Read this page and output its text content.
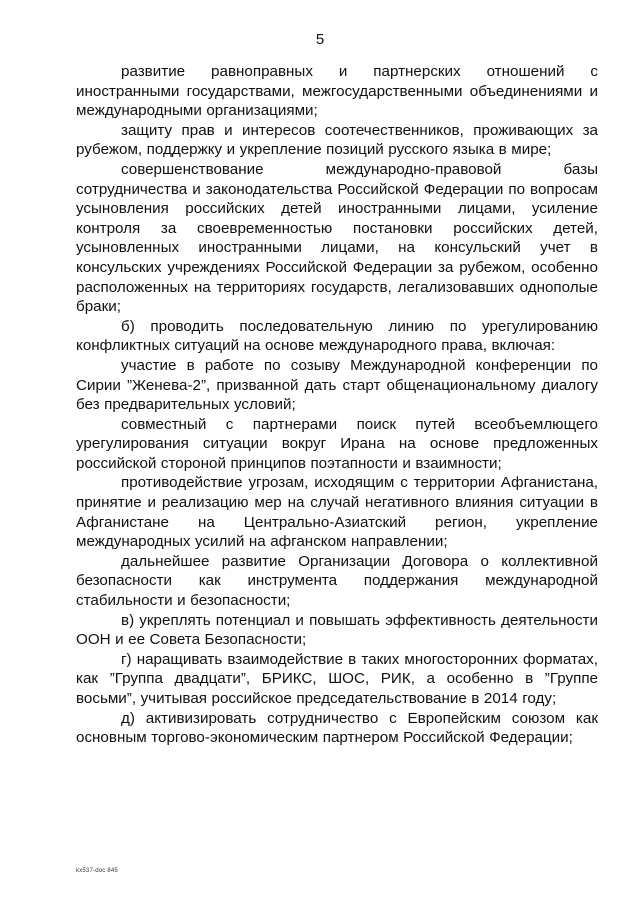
5

развитие равноправных и партнерских отношений с иностранными государствами, межгосударственными объединениями и международными организациями;

защиту прав и интересов соотечественников, проживающих за рубежом, поддержку и укрепление позиций русского языка в мире;

совершенствование международно-правовой базы сотрудничества и законодательства Российской Федерации по вопросам усыновления российских детей иностранными лицами, усиление контроля за своевременностью постановки российских детей, усыновленных иностранными лицами, на консульский учет в консульских учреждениях Российской Федерации за рубежом, особенно расположенных на территориях государств, легализовавших однополые браки;

б) проводить последовательную линию по урегулированию конфликтных ситуаций на основе международного права, включая:

участие в работе по созыву Международной конференции по Сирии ”Женева-2”, призванной дать старт общенациональному диалогу без предварительных условий;

совместный с партнерами поиск путей всеобъемлющего урегулирования ситуации вокруг Ирана на основе предложенных российской стороной принципов поэтапности и взаимности;

противодействие угрозам, исходящим с территории Афганистана, принятие и реализацию мер на случай негативного влияния ситуации в Афганистане на Центрально-Азиатский регион, укрепление международных усилий на афганском направлении;

дальнейшее развитие Организации Договора о коллективной безопасности как инструмента поддержания международной стабильности и безопасности;

в) укреплять потенциал и повышать эффективность деятельности ООН и ее Совета Безопасности;

г) наращивать взаимодействие в таких многосторонних форматах, как ”Группа двадцати”, БРИКС, ШОС, РИК, а особенно в ”Группе восьми”, учитывая российское председательствование в 2014 году;

д) активизировать сотрудничество с Европейским союзом как основным торгово-экономическим партнером Российской Федерации;

kx537-doc 845
